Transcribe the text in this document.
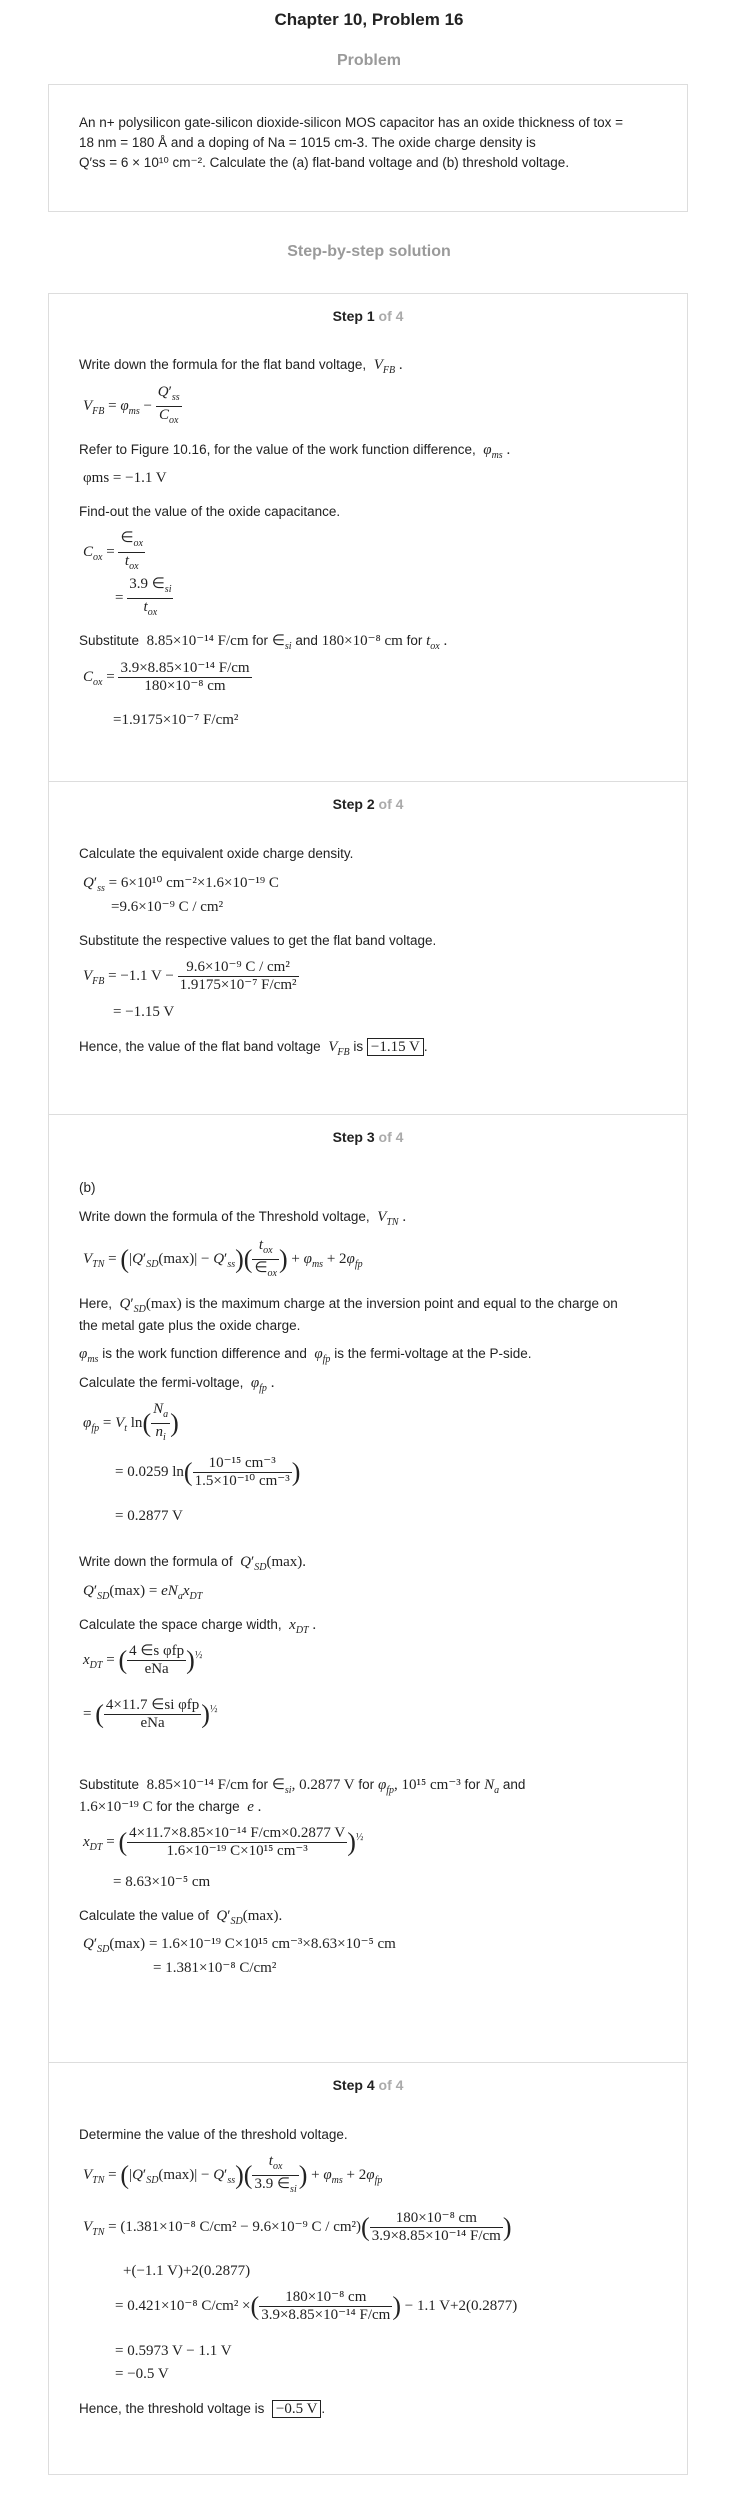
Chapter 10, Problem 16
Problem
An n+ polysilicon gate-silicon dioxide-silicon MOS capacitor has an oxide thickness of tox =
18 nm = 180 Å and a doping of Na = 1015 cm-3. The oxide charge density is
Q′ss = 6 × 10¹⁰ cm⁻². Calculate the (a) flat-band voltage and (b) threshold voltage.
Step-by-step solution
Step 1 of 4
Write down the formula for the flat band voltage, $V_{FB}$ .
$V_{FB} = \varphi_{ms} - \frac{Q'_{ss}}{C_{ox}}$
Refer to Figure 10.16, for the value of the work function difference, $\varphi_{ms}$ .
φms = −1.1 V
Find-out the value of the oxide capacitance.
$C_{ox} = \frac{\in_{ox}}{t_{ox}}$
= $\frac{3.9 \in_{si}}{t_{ox}}$
Substitute 8.85×10⁻¹⁴ F/cm for $\in_{si}$ and 180×10⁻⁸ cm for $t_{ox}$ .
$C_{ox} = \frac{\text{3.9×8.85×10⁻¹⁴ F/cm}}{\text{180×10⁻⁸ cm}}$
=1.9175×10⁻⁷ F/cm²
Step 2 of 4
Calculate the equivalent oxide charge density.
$Q'_{ss} = 6\times 10^{10}$ cm⁻²×1.6×10⁻¹⁹ C
=9.6×10⁻⁹ C / cm²
Substitute the respective values to get the flat band voltage.
$V_{FB} = -1.1$ $V - \frac{\text{9.6×10⁻⁹ C / cm²}}{\text{1.9175×10⁻⁷ F/cm²}}$
= −1.15 V
Hence, the value of the flat band voltage $V_{FB}$ is −1.15 V .
Step 3 of 4
(b)
Write down the formula of the Threshold voltage, $V_{TN}$ .
$V_{TN} = (|Q'_{SD}(\max)| - Q'_{ss})( \frac{t_{ox}}{\in_{ox}}$ ) + $\varphi_{ms} + 2\varphi_{fp}$
Here, $Q'_{SD}(\max)$ is the maximum charge at the inversion point and equal to the charge on
the metal gate plus the oxide charge.
$\varphi_{ms}$ is the work function difference and $\varphi_{fp}$ is the fermi-voltage at the P-side.
Calculate the fermi-voltage, $\varphi_{fp}$ .
$\varphi_{fp} = V_t$ $\ln( \frac{N_a}{n_i}$ )
= 0.0259 $\ln( \frac{\text{10⁻¹⁵ cm⁻³}}{\text{1.5×10⁻¹⁰ cm⁻³}}$ )
= 0.2877 V
Write down the formula of $Q'_{SD}(\max)$.
$Q'_{SD}(\max) = eN_ax_{DT}$
Calculate the space charge width, $x_{DT}$ .
$x_{DT}$ = ( $\frac{\text{4 ∈s φfp}}{\text{eNa}} )^{\frac{1}{2}}$
= ( $\frac{\text{4×11.7 ∈si φfp}}{\text{eNa}} )^{\frac{1}{2}}$
Substitute 8.85×10⁻¹⁴ F/cm for $\in_{si}$, 0.2877 V for $\varphi_{fp}$, 10¹⁵ cm⁻³ for $N_a$ and
1.6×10⁻¹⁹ C for the charge e .
$x_{DT}$ = ( $\frac{\text{4×11.7×8.85×10⁻¹⁴ F/cm×0.2877 V}}{\text{1.6×10⁻¹⁹ C×10¹⁵ cm⁻³}} )^{\frac{1}{2}}$
= 8.63×10⁻⁵ cm
Calculate the value of $Q'_{SD}(\max)$.
$Q'_{SD}(\max) = 1.6\times 10^{-19}$ C×10¹⁵ cm⁻³×8.63×10⁻⁵ cm
= 1.381×10⁻⁸ C/cm²
Step 4 of 4
Determine the value of the threshold voltage.
$V_{TN} = (|Q'_{SD}(\max)| - Q'_{ss})( \frac{t_{ox}}{3.9 \in_{si}}$ ) + $\varphi_{ms} + 2\varphi_{fp}$
$V_{TN} = (1.381\times 10^{-8}$ C/cm² − 9.6×10⁻⁹ C / $cm^2)( \frac{\text{180×10⁻⁸ cm}}{\text{3.9×8.85×10⁻¹⁴ F/cm}}$ )
+(−1.1 V)+2(0.2877)
= 0.421×10⁻⁸ C/cm² ×( $\frac{\text{180×10⁻⁸ cm}}{\text{3.9×8.85×10⁻¹⁴ F/cm}}$ ) − 1.1 V+2(0.2877)
= 0.5973 V − 1.1 V
= −0.5 V
Hence, the threshold voltage is −0.5 V .
